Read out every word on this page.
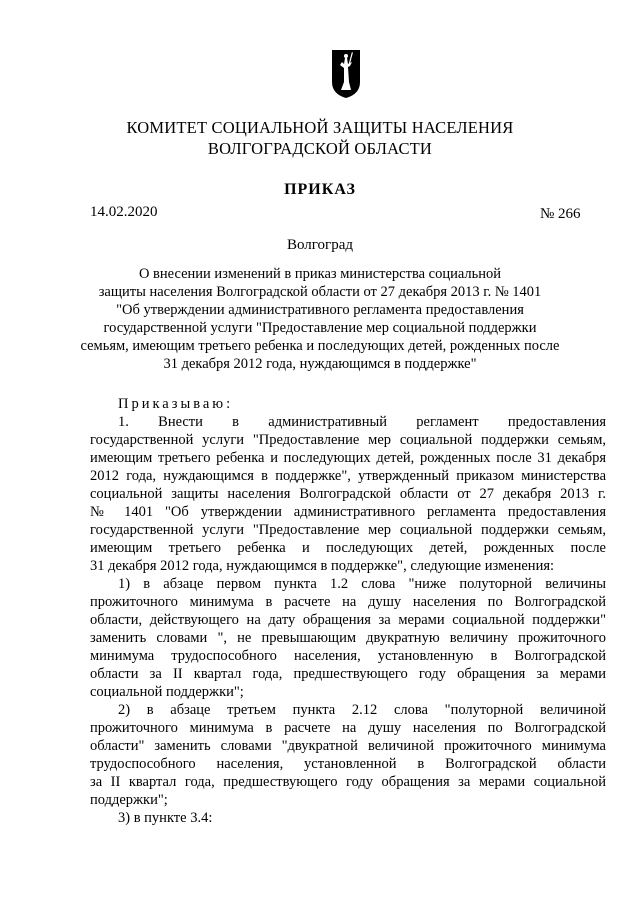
КОМИТЕТ СОЦИАЛЬНОЙ ЗАЩИТЫ НАСЕЛЕНИЯ
ВОЛГОГРАДСКОЙ ОБЛАСТИ
ПРИКАЗ
14.02.2020	№ 266
Волгоград
О внесении изменений в приказ министерства социальной
защиты населения Волгоградской области от 27 декабря 2013 г. № 1401
"Об утверждении административного регламента предоставления
государственной услуги "Предоставление мер социальной поддержки
семьям, имеющим третьего ребенка и последующих детей, рожденных после
31 декабря 2012 года, нуждающимся в поддержке"
Приказываю:
1. Внести в административный регламент предоставления
государственной услуги "Предоставление мер социальной поддержки семьям,
имеющим третьего ребенка и последующих детей, рожденных после 31 декабря
2012 года, нуждающимся в поддержке", утвержденный приказом министерства
социальной защиты населения Волгоградской области от 27 декабря 2013 г.
№ 1401 "Об утверждении административного регламента предоставления
государственной услуги "Предоставление мер социальной поддержки семьям,
имеющим третьего ребенка и последующих детей, рожденных после
31 декабря 2012 года, нуждающимся в поддержке", следующие изменения:
1) в абзаце первом пункта 1.2 слова "ниже полуторной величины
прожиточного минимума в расчете на душу населения по Волгоградской
области, действующего на дату обращения за мерами социальной поддержки"
заменить словами ", не превышающим двукратную величину прожиточного
минимума трудоспособного населения, установленную в Волгоградской
области за II квартал года, предшествующего году обращения за мерами
социальной поддержки";
2) в абзаце третьем пункта 2.12 слова "полуторной величиной
прожиточного минимума в расчете на душу населения по Волгоградской
области" заменить словами "двукратной величиной прожиточного минимума
трудоспособного населения, установленной в Волгоградской области
за II квартал года, предшествующего году обращения за мерами социальной
поддержки";
3) в пункте 3.4:
